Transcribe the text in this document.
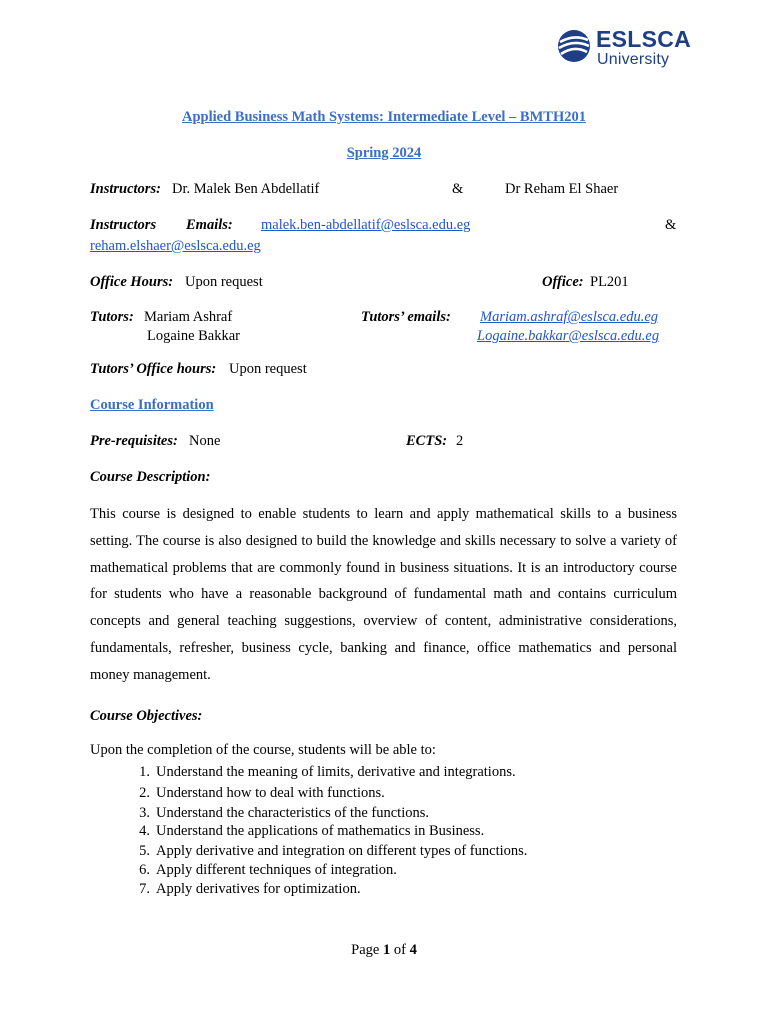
ESLSCA
University
Applied Business Math Systems: Intermediate Level – BMTH201
Spring 2024
Instructors: Dr. Malek Ben Abdellatif	&	Dr Reham El Shaer
Instructors Emails: malek.ben-abdellatif@eslsca.edu.eg	&
reham.elshaer@eslsca.edu.eg
Office Hours: Upon request	Office: PL201
Tutors: Mariam Ashraf
Logaine Bakkar
Tutors’ emails: Mariam.ashraf@eslsca.edu.eg
Logaine.bakkar@eslsca.edu.eg
Tutors’ Office hours: Upon request
Course Information
Pre-requisites: None	ECTS: 2
Course Description:

This course is designed to enable students to learn and apply mathematical skills to a business setting. The course is also designed to build the knowledge and skills necessary to solve a variety of mathematical problems that are commonly found in business situations. It is an introductory course for students who have a reasonable background of fundamental math and contains curriculum concepts and general teaching suggestions, overview of content, administrative considerations, fundamentals, refresher, business cycle, banking and finance, office mathematics and personal money management.

Course Objectives:
Upon the completion of the course, students will be able to:
1. Understand the meaning of limits, derivative and integrations.
2. Understand how to deal with functions.
3. Understand the characteristics of the functions.
4. Understand the applications of mathematics in Business.
5. Apply derivative and integration on different types of functions.
6. Apply different techniques of integration.
7. Apply derivatives for optimization.
Page 1 of 4
